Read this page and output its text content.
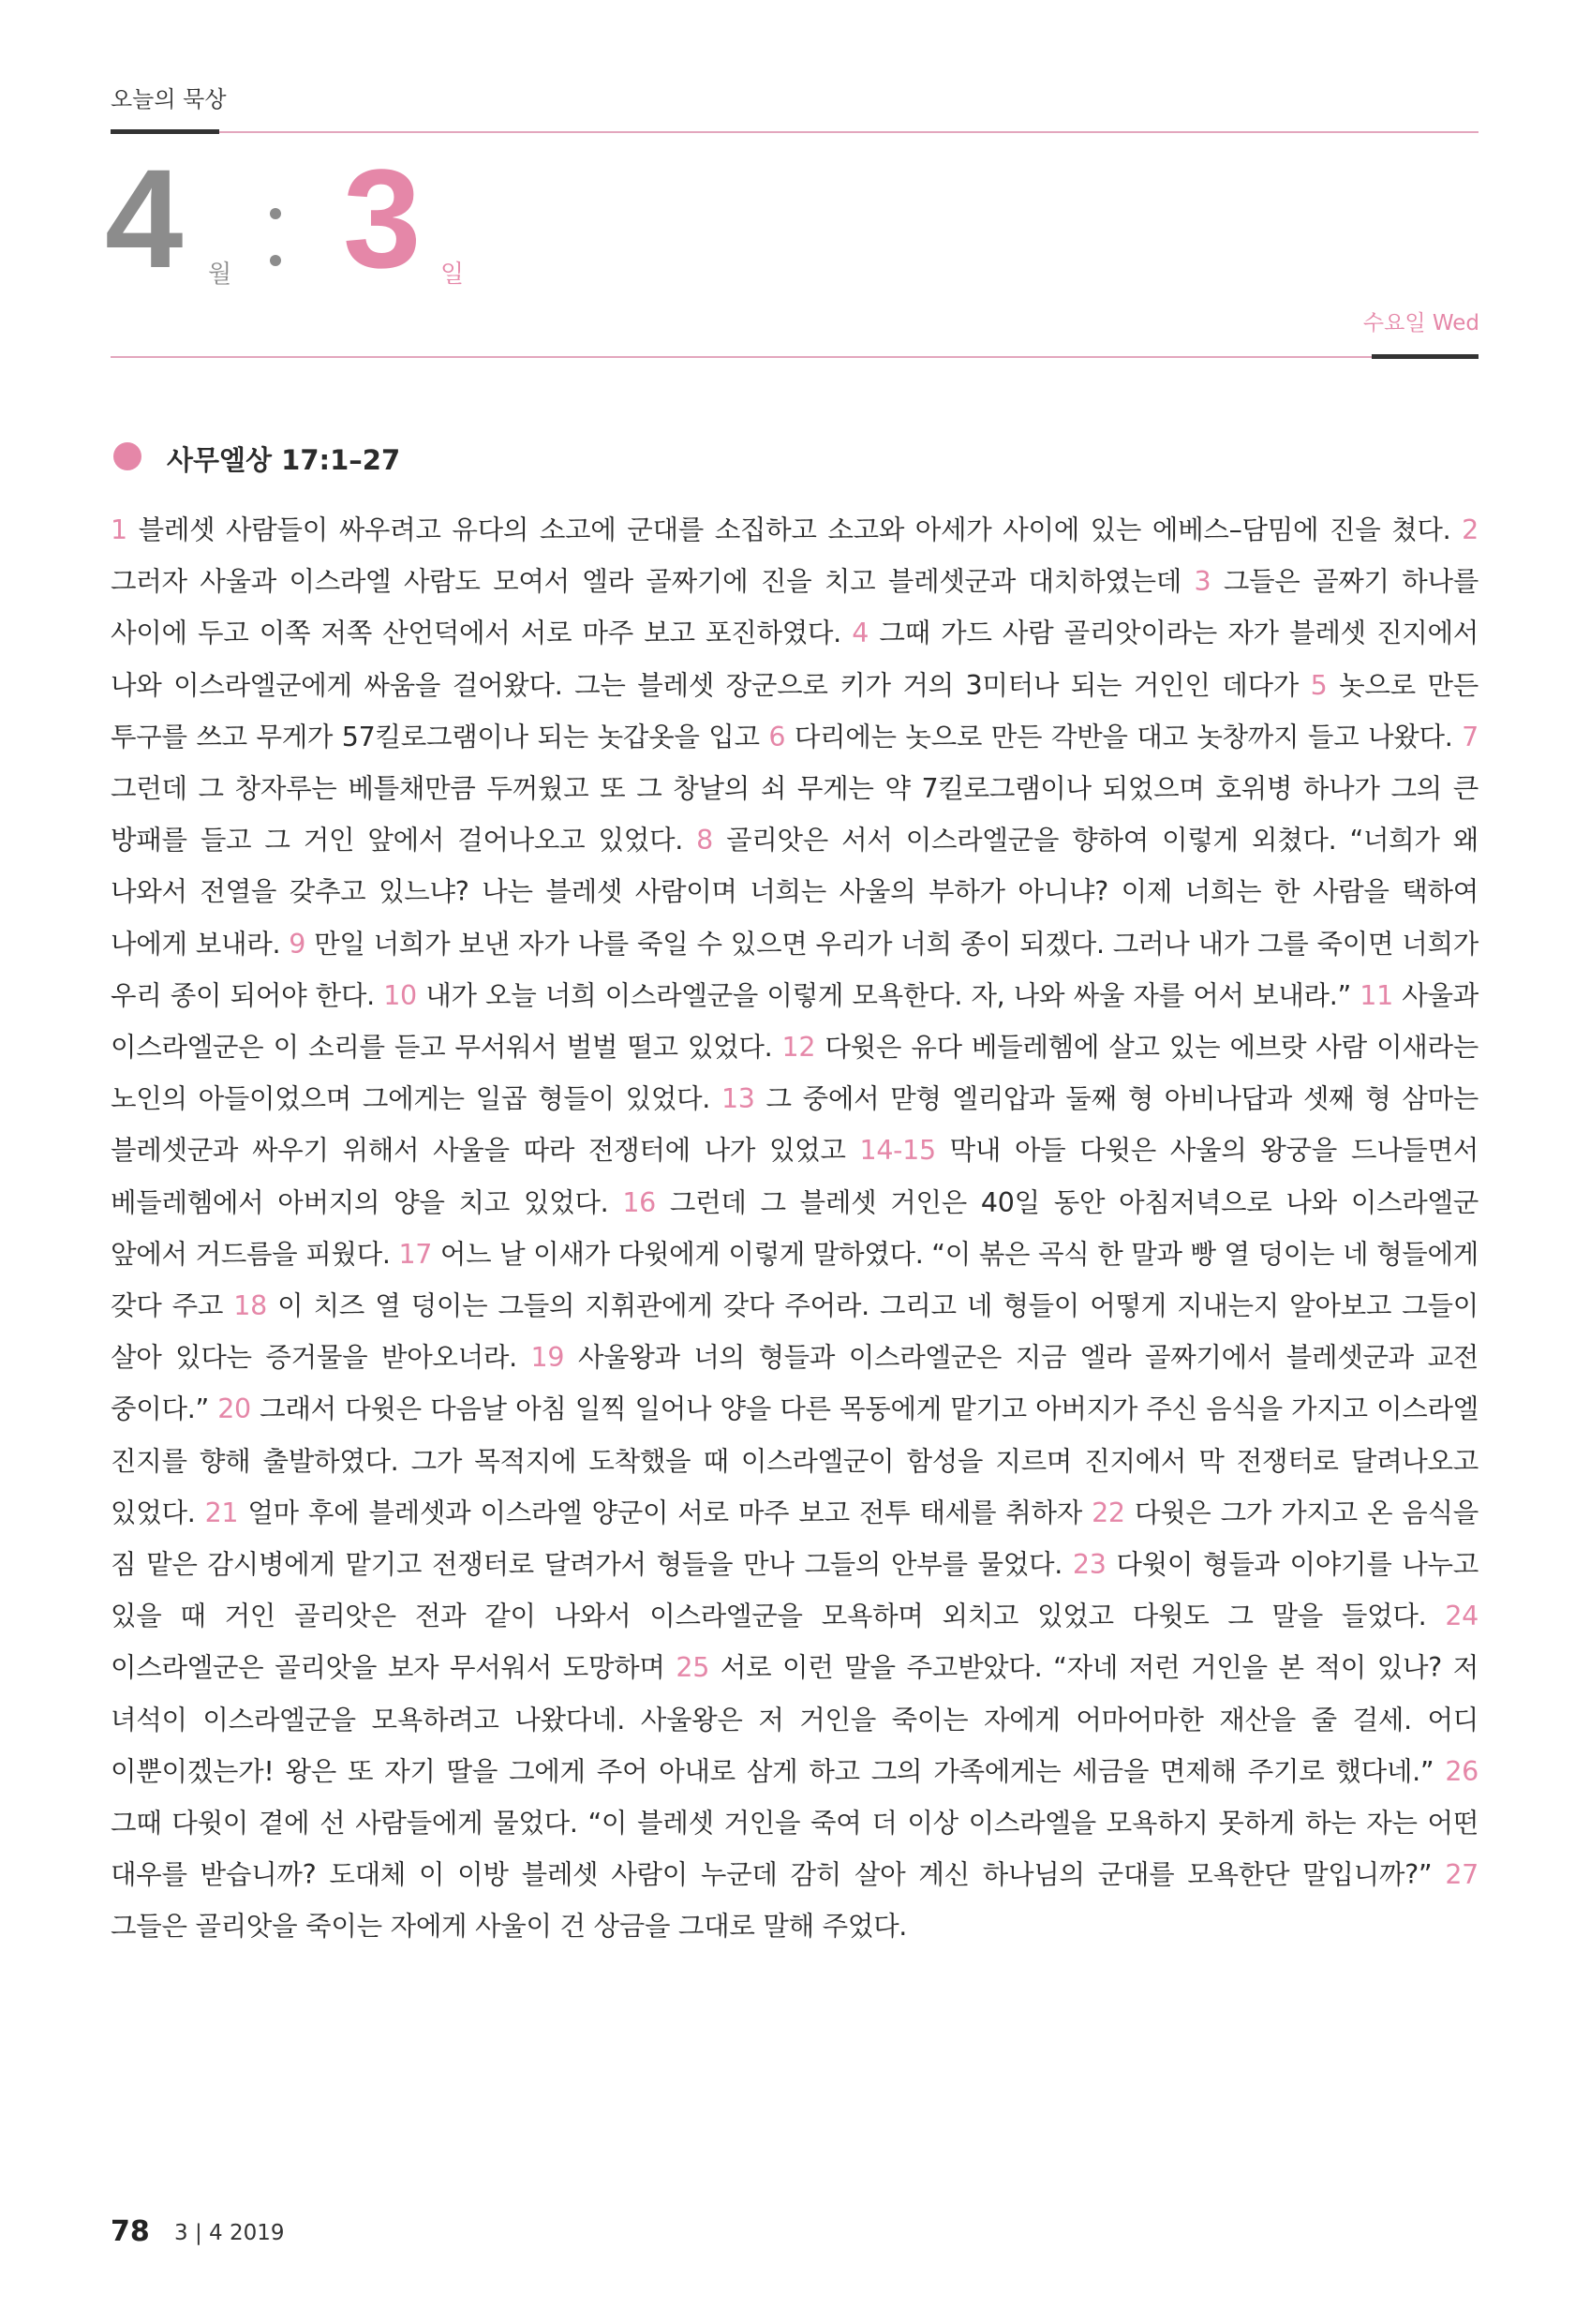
오늘의 묵상
4 월 3 일
수요일 Wed
사무엘상 17:1–27
1 블레셋 사람들이 싸우려고 유다의 소고에 군대를 소집하고 소고와 아세가 사이에 있는 에베스–담밈에 진을 쳤다. 2 그러자 사울과 이스라엘 사람도 모여서 엘라 골짜기에 진을 치고 블레셋군과 대치하였는데 3 그들은 골짜기 하나를 사이에 두고 이쪽 저쪽 산언덕에서 서로 마주 보고 포진하였다. 4 그때 가드 사람 골리앗이라는 자가 블레셋 진지에서 나와 이스라엘군에게 싸움을 걸어왔다. 그는 블레셋 장군으로 키가 거의 3미터나 되는 거인인 데다가 5 놋으로 만든 투구를 쓰고 무게가 57킬로그램이나 되는 놋갑옷을 입고 6 다리에는 놋으로 만든 각반을 대고 놋창까지 들고 나왔다. 7 그런데 그 창자루는 베틀채만큼 두꺼웠고 또 그 창날의 쇠 무게는 약 7킬로그램이나 되었으며 호위병 하나가 그의 큰 방패를 들고 그 거인 앞에서 걸어나오고 있었다. 8 골리앗은 서서 이스라엘군을 향하여 이렇게 외쳤다. “너희가 왜 나와서 전열을 갖추고 있느냐? 나는 블레셋 사람이며 너희는 사울의 부하가 아니냐? 이제 너희는 한 사람을 택하여 나에게 보내라. 9 만일 너희가 보낸 자가 나를 죽일 수 있으면 우리가 너희 종이 되겠다. 그러나 내가 그를 죽이면 너희가 우리 종이 되어야 한다. 10 내가 오늘 너희 이스라엘군을 이렇게 모욕한다. 자, 나와 싸울 자를 어서 보내라.” 11 사울과 이스라엘군은 이 소리를 듣고 무서워서 벌벌 떨고 있었다. 12 다윗은 유다 베들레헴에 살고 있는 에브랏 사람 이새라는 노인의 아들이었으며 그에게는 일곱 형들이 있었다. 13 그 중에서 맏형 엘리압과 둘째 형 아비나답과 셋째 형 삼마는 블레셋군과 싸우기 위해서 사울을 따라 전쟁터에 나가 있었고 14-15 막내 아들 다윗은 사울의 왕궁을 드나들면서 베들레헴에서 아버지의 양을 치고 있었다. 16 그런데 그 블레셋 거인은 40일 동안 아침저녁으로 나와 이스라엘군 앞에서 거드름을 피웠다. 17 어느 날 이새가 다윗에게 이렇게 말하였다. “이 볶은 곡식 한 말과 빵 열 덩이는 네 형들에게 갖다 주고 18 이 치즈 열 덩이는 그들의 지휘관에게 갖다 주어라. 그리고 네 형들이 어떻게 지내는지 알아보고 그들이 살아 있다는 증거물을 받아오너라. 19 사울왕과 너의 형들과 이스라엘군은 지금 엘라 골짜기에서 블레셋군과 교전 중이다.” 20 그래서 다윗은 다음날 아침 일찍 일어나 양을 다른 목동에게 맡기고 아버지가 주신 음식을 가지고 이스라엘 진지를 향해 출발하였다. 그가 목적지에 도착했을 때 이스라엘군이 함성을 지르며 진지에서 막 전쟁터로 달려나오고 있었다. 21 얼마 후에 블레셋과 이스라엘 양군이 서로 마주 보고 전투 태세를 취하자 22 다윗은 그가 가지고 온 음식을 짐 맡은 감시병에게 맡기고 전쟁터로 달려가서 형들을 만나 그들의 안부를 물었다. 23 다윗이 형들과 이야기를 나누고 있을 때 거인 골리앗은 전과 같이 나와서 이스라엘군을 모욕하며 외치고 있었고 다윗도 그 말을 들었다. 24 이스라엘군은 골리앗을 보자 무서워서 도망하며 25 서로 이런 말을 주고받았다. “자네 저런 거인을 본 적이 있나? 저 녀석이 이스라엘군을 모욕하려고 나왔다네. 사울왕은 저 거인을 죽이는 자에게 어마어마한 재산을 줄 걸세. 어디 이뿐이겠는가! 왕은 또 자기 딸을 그에게 주어 아내로 삼게 하고 그의 가족에게는 세금을 면제해 주기로 했다네.” 26 그때 다윗이 곁에 선 사람들에게 물었다. “이 블레셋 거인을 죽여 더 이상 이스라엘을 모욕하지 못하게 하는 자는 어떤 대우를 받습니까? 도대체 이 이방 블레셋 사람이 누군데 감히 살아 계신 하나님의 군대를 모욕한단 말입니까?” 27 그들은 골리앗을 죽이는 자에게 사울이 건 상금을 그대로 말해 주었다.
78 3 | 4 2019
